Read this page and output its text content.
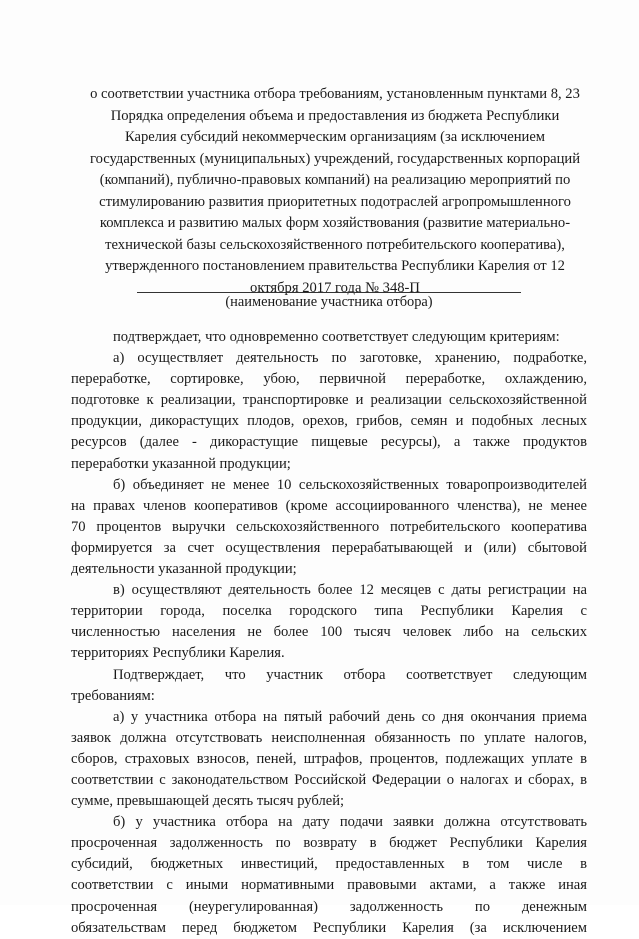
о соответствии участника отбора требованиям, установленным пунктами 8, 23
Порядка определения объема и предоставления из бюджета Республики
Карелия субсидий некоммерческим организациям (за исключением
государственных (муниципальных) учреждений, государственных корпораций
(компаний), публично-правовых компаний) на реализацию мероприятий по
стимулированию развития приоритетных подотраслей агропромышленного
комплекса и развитию малых форм хозяйствования (развитие материально-
технической базы сельскохозяйственного потребительского кооператива),
утвержденного постановлением правительства Республики Карелия от 12
октября 2017 года № 348-П
(наименование участника отбора)
подтверждает, что одновременно соответствует следующим критериям:
а) осуществляет деятельность по заготовке, хранению, подработке,
переработке, сортировке, убою, первичной переработке, охлаждению,
подготовке к реализации, транспортировке и реализации сельскохозяйственной
продукции, дикорастущих плодов, орехов, грибов, семян и подобных лесных
ресурсов (далее - дикорастущие пищевые ресурсы), а также продуктов
переработки указанной продукции;
б) объединяет не менее 10 сельскохозяйственных товаропроизводителей
на правах членов кооперативов (кроме ассоциированного членства), не менее
70 процентов выручки сельскохозяйственного потребительского кооператива
формируется за счет осуществления перерабатывающей и (или) сбытовой
деятельности указанной продукции;
в) осуществляют деятельность более 12 месяцев с даты регистрации на
территории города, поселка городского типа Республики Карелия с
численностью населения не более 100 тысяч человек либо на сельских
территориях Республики Карелия.
Подтверждает, что участник отбора соответствует следующим
требованиям:
а) у участника отбора на пятый рабочий день со дня окончания приема
заявок должна отсутствовать неисполненная обязанность по уплате налогов,
сборов, страховых взносов, пеней, штрафов, процентов, подлежащих уплате в
соответствии с законодательством Российской Федерации о налогах и сборах, в
сумме, превышающей десять тысяч рублей;
б) у участника отбора на дату подачи заявки должна отсутствовать
просроченная задолженность по возврату в бюджет Республики Карелия
субсидий, бюджетных инвестиций, предоставленных в том числе в
соответствии с иными нормативными правовыми актами, а также иная
просроченная (неурегулированная) задолженность по денежным
обязательствам перед бюджетом Республики Карелия (за исключением
